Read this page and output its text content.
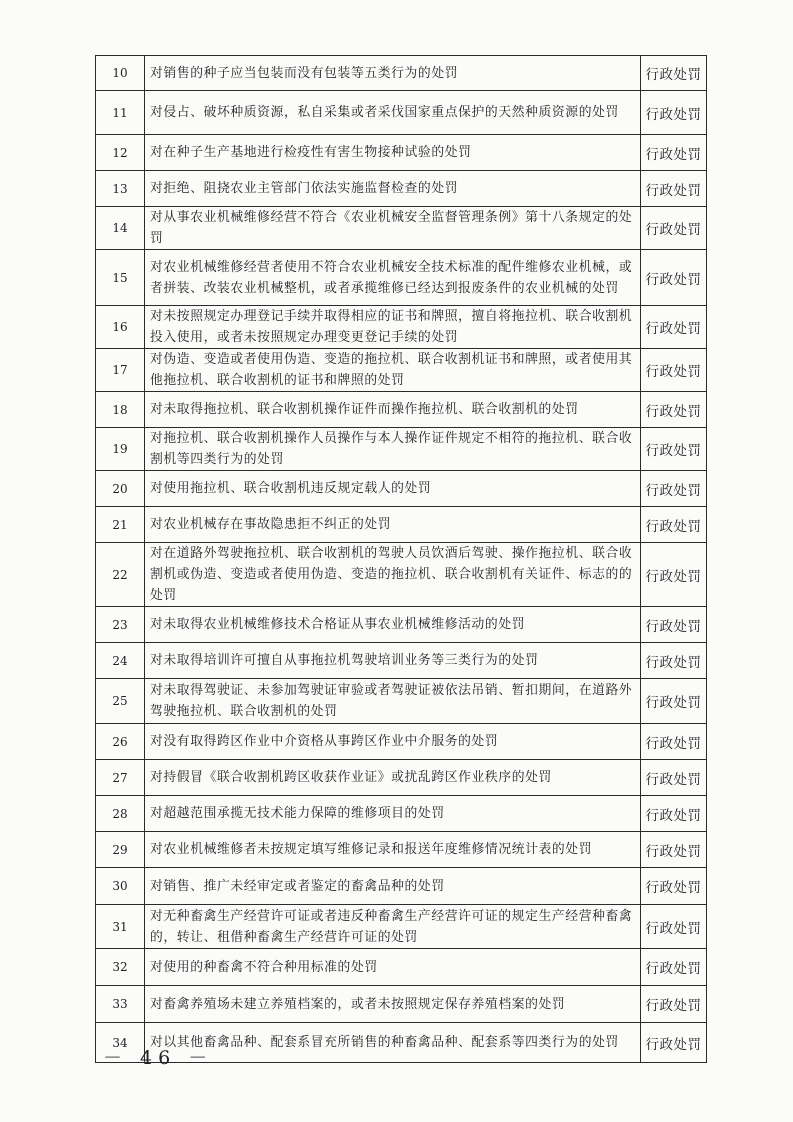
10	对销售的种子应当包装而没有包装等五类行为的处罚	行政处罚
11	对侵占、破坏种质资源，私自采集或者采伐国家重点保护的天然种质资源的处罚	行政处罚
12	对在种子生产基地进行检疫性有害生物接种试验的处罚	行政处罚
13	对拒绝、阻挠农业主管部门依法实施监督检查的处罚	行政处罚
14	对从事农业机械维修经营不符合《农业机械安全监督管理条例》第十八条规定的处罚	行政处罚
15	对农业机械维修经营者使用不符合农业机械安全技术标准的配件维修农业机械，或者拼装、改装农业机械整机，或者承揽维修已经达到报废条件的农业机械的处罚	行政处罚
16	对未按照规定办理登记手续并取得相应的证书和牌照，擅自将拖拉机、联合收割机投入使用，或者未按照规定办理变更登记手续的处罚	行政处罚
17	对伪造、变造或者使用伪造、变造的拖拉机、联合收割机证书和牌照，或者使用其他拖拉机、联合收割机的证书和牌照的处罚	行政处罚
18	对未取得拖拉机、联合收割机操作证件而操作拖拉机、联合收割机的处罚	行政处罚
19	对拖拉机、联合收割机操作人员操作与本人操作证件规定不相符的拖拉机、联合收割机等四类行为的处罚	行政处罚
20	对使用拖拉机、联合收割机违反规定载人的处罚	行政处罚
21	对农业机械存在事故隐患拒不纠正的处罚	行政处罚
22	对在道路外驾驶拖拉机、联合收割机的驾驶人员饮酒后驾驶、操作拖拉机、联合收割机或伪造、变造或者使用伪造、变造的拖拉机、联合收割机有关证件、标志的的处罚	行政处罚
23	对未取得农业机械维修技术合格证从事农业机械维修活动的处罚	行政处罚
24	对未取得培训许可擅自从事拖拉机驾驶培训业务等三类行为的处罚	行政处罚
25	对未取得驾驶证、未参加驾驶证审验或者驾驶证被依法吊销、暂扣期间，在道路外驾驶拖拉机、联合收割机的处罚	行政处罚
26	对没有取得跨区作业中介资格从事跨区作业中介服务的处罚	行政处罚
27	对持假冒《联合收割机跨区收获作业证》或扰乱跨区作业秩序的处罚	行政处罚
28	对超越范围承揽无技术能力保障的维修项目的处罚	行政处罚
29	对农业机械维修者未按规定填写维修记录和报送年度维修情况统计表的处罚	行政处罚
30	对销售、推广未经审定或者鉴定的畜禽品种的处罚	行政处罚
31	对无种畜禽生产经营许可证或者违反种畜禽生产经营许可证的规定生产经营种畜禽的，转让、租借种畜禽生产经营许可证的处罚	行政处罚
32	对使用的种畜禽不符合种用标准的处罚	行政处罚
33	对畜禽养殖场未建立养殖档案的，或者未按照规定保存养殖档案的处罚	行政处罚
34	对以其他畜禽品种、配套系冒充所销售的种畜禽品种、配套系等四类行为的处罚	行政处罚
－ 46 －
